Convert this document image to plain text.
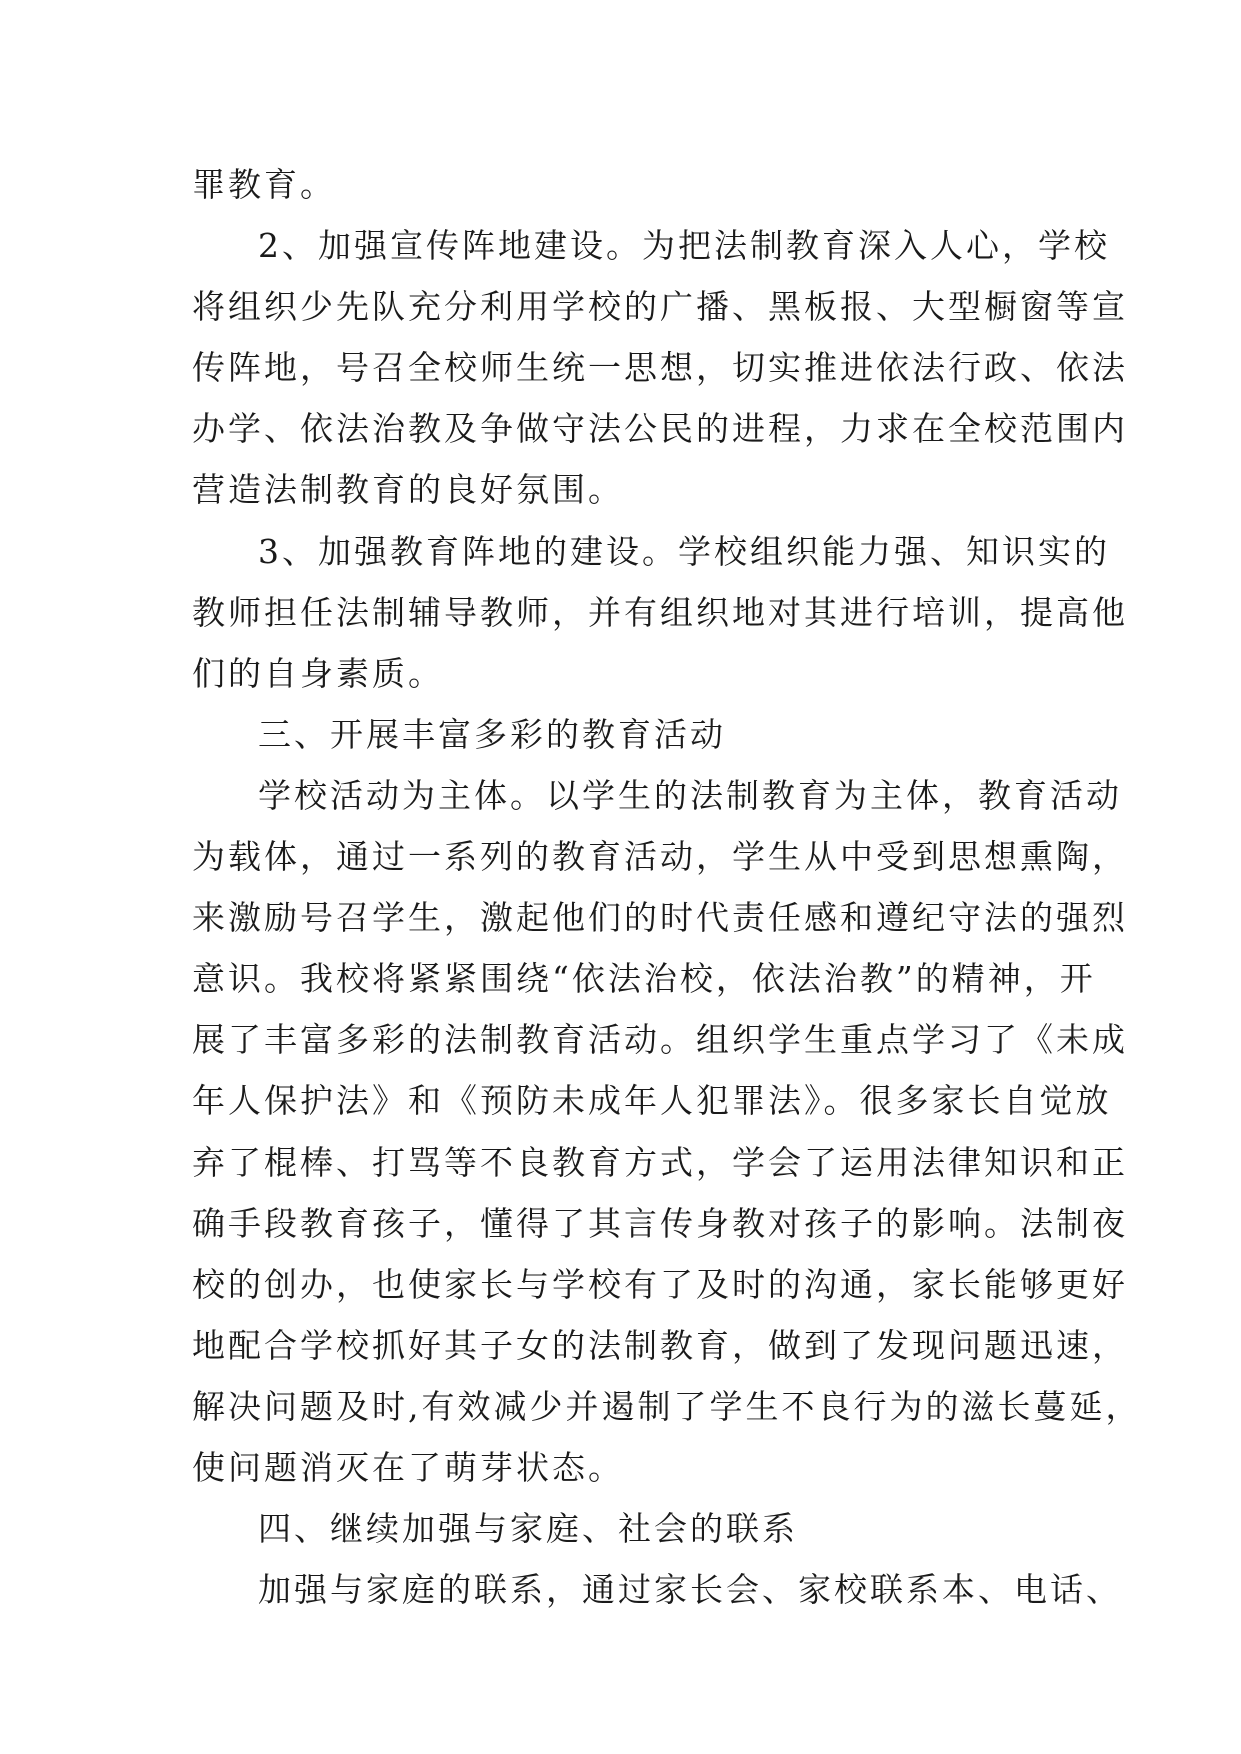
罪教育。
2、加强宣传阵地建设。为把法制教育深入人心，学校
将组织少先队充分利用学校的广播、黑板报、大型橱窗等宣
传阵地，号召全校师生统一思想，切实推进依法行政、依法
办学、依法治教及争做守法公民的进程，力求在全校范围内
营造法制教育的良好氛围。
3、加强教育阵地的建设。学校组织能力强、知识实的
教师担任法制辅导教师，并有组织地对其进行培训，提高他
们的自身素质。
三、开展丰富多彩的教育活动
学校活动为主体。以学生的法制教育为主体，教育活动
为载体，通过一系列的教育活动，学生从中受到思想熏陶，
来激励号召学生，激起他们的时代责任感和遵纪守法的强烈
意识。我校将紧紧围绕“依法治校，依法治教”的精神，开
展了丰富多彩的法制教育活动。组织学生重点学习了《未成
年人保护法》和《预防未成年人犯罪法》。很多家长自觉放
弃了棍棒、打骂等不良教育方式，学会了运用法律知识和正
确手段教育孩子，懂得了其言传身教对孩子的影响。法制夜
校的创办，也使家长与学校有了及时的沟通，家长能够更好
地配合学校抓好其子女的法制教育，做到了发现问题迅速，
解决问题及时,有效减少并遏制了学生不良行为的滋长蔓延，
使问题消灭在了萌芽状态。
四、继续加强与家庭、社会的联系
加强与家庭的联系，通过家长会、家校联系本、电话、
